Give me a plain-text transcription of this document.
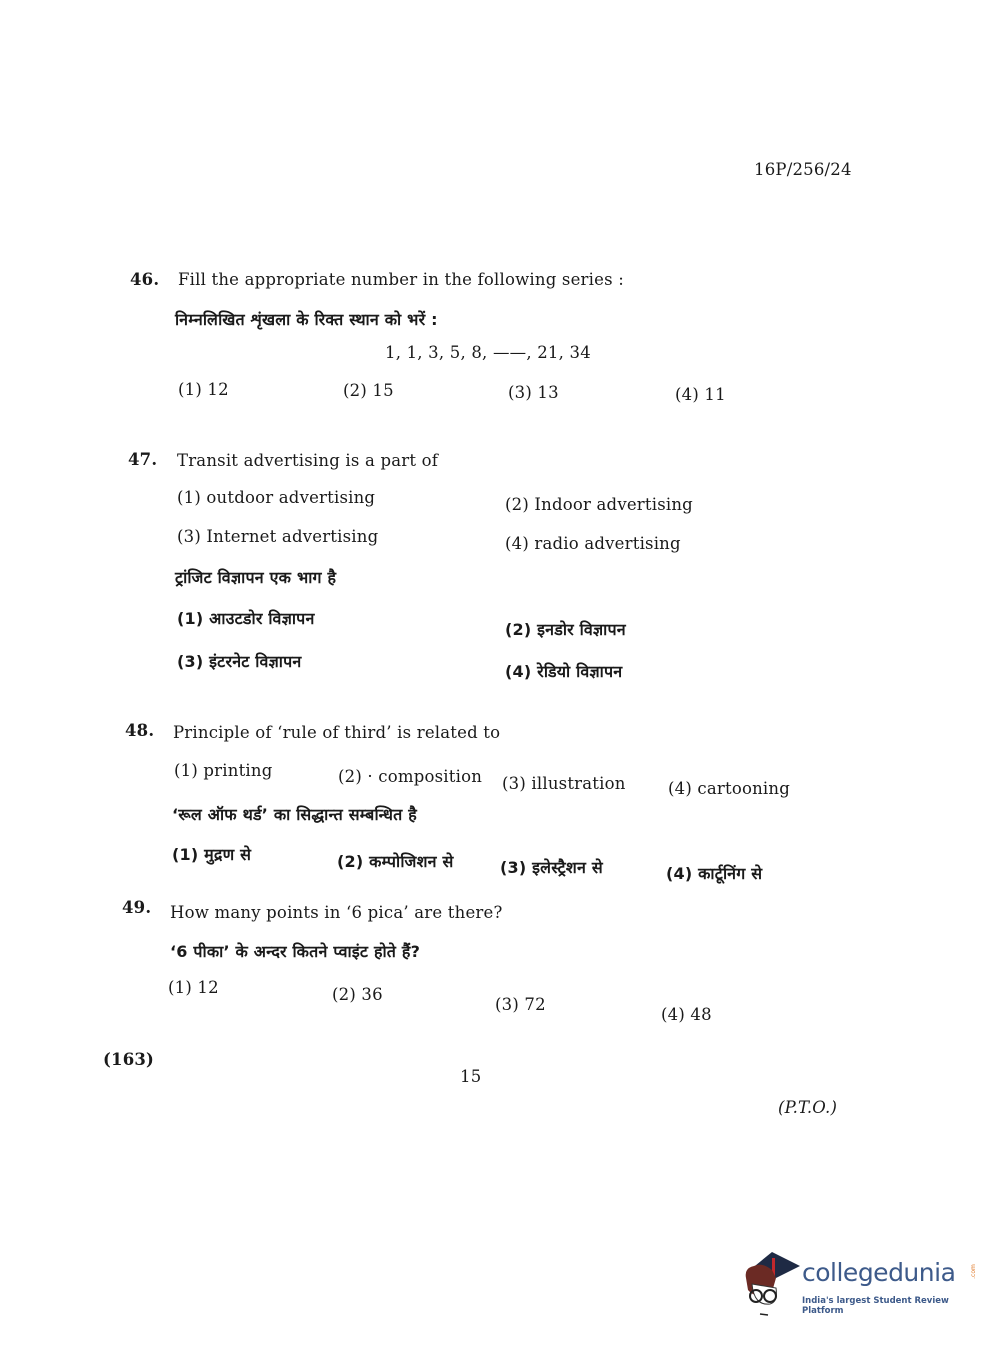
16P/256/24
46. Fill the appropriate number in the following series :
निम्नलिखित शृंखला के रिक्त स्थान को भरें :
1, 1, 3, 5, 8, ——, 21, 34
(1) 12	(2) 15	(3) 13	(4) 11
47. Transit advertising is a part of
(1) outdoor advertising	(2) Indoor advertising
(3) Internet advertising	(4) radio advertising
ट्रांजिट विज्ञापन एक भाग है
(1) आउटडोर विज्ञापन
(2) इनडोर विज्ञापन
(3) इंटरनेट विज्ञापन
(4) रेडियो विज्ञापन
48. Principle of ‘rule of third’ is related to
(1) printing	(2) · composition (3) illustration	(4) cartooning
‘रूल ऑफ थर्ड’ का सिद्धान्त सम्बन्धित है
(1) मुद्रण से	(2) कम्पोजिशन से	(3) इलेस्ट्रैशन से	(4) कार्टूनिंग से
49. How many points in ‘6 pica’ are there?
‘6 पीका’ के अन्दर कितने प्वाइंट होते हैं?
(1) 12	(2) 36
(3) 72
(4) 48
(163)
15
(P.T.O.)
collegedunia .com
India's largest Student Review Platform
